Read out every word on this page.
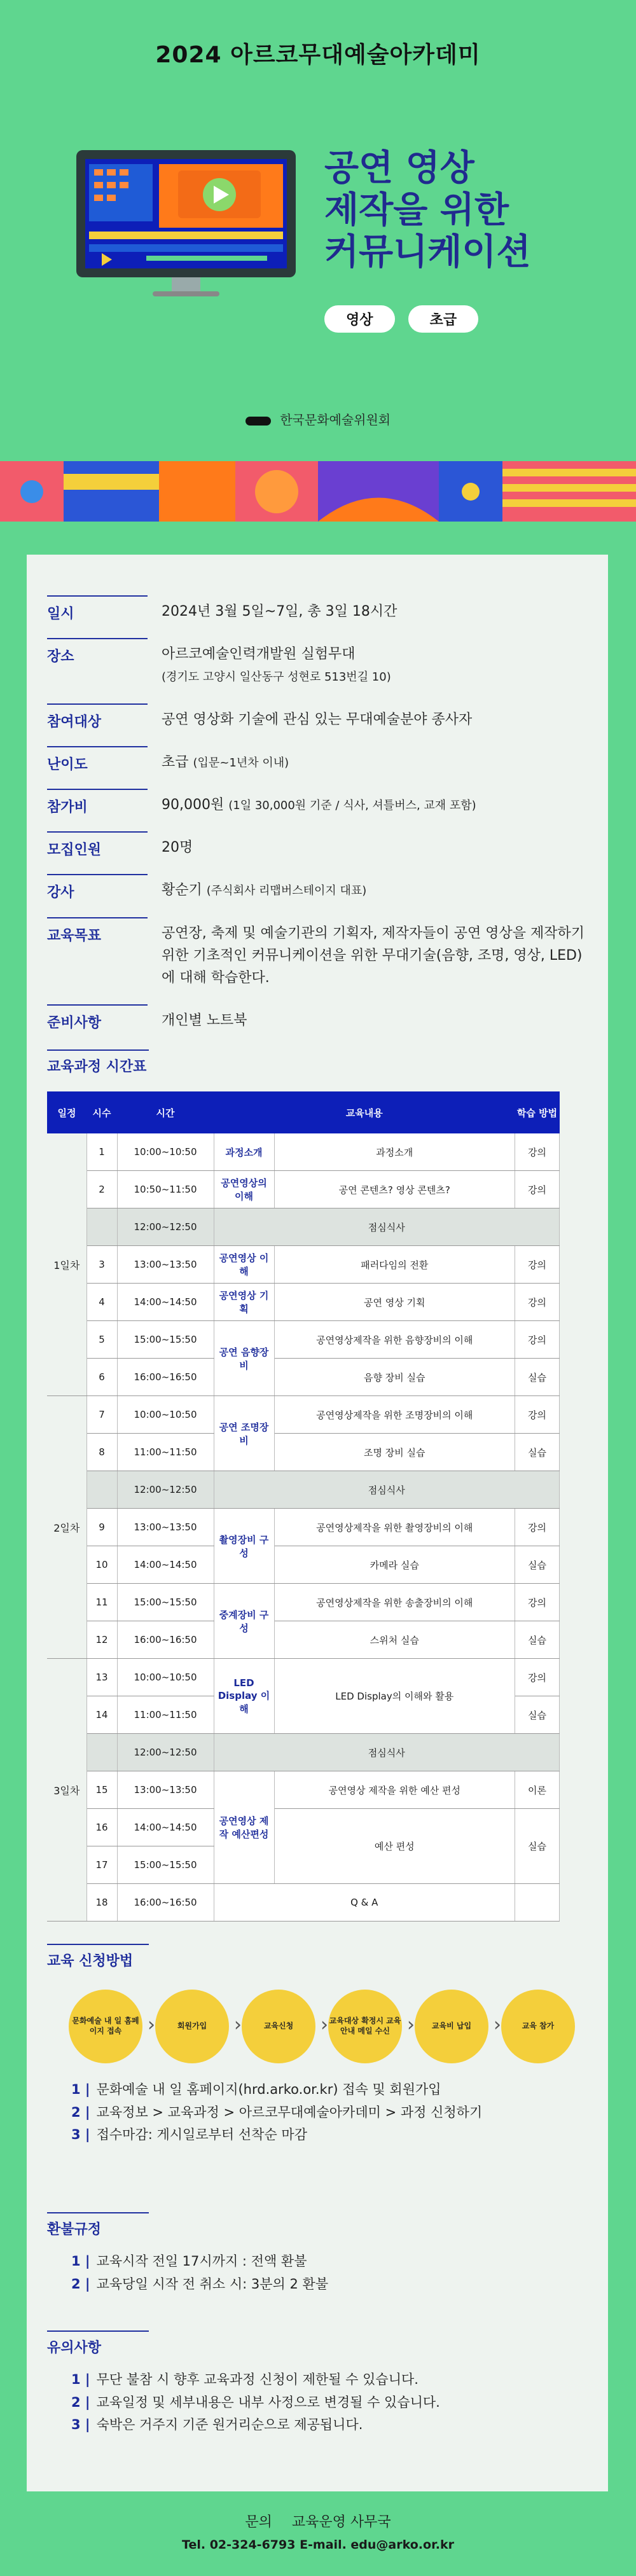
2024 아르코무대예술아카데미
공연 영상
제작을 위한
커뮤니케이션
영상	초급
한국문화예술위원회
일시	2024년 3월 5일~7일, 총 3일 18시간
장소	아르코예술인력개발원 실험무대
(경기도 고양시 일산동구 성현로 513번길 10)
참여대상	공연 영상화 기술에 관심 있는 무대예술분야 종사자
난이도	초급 (입문~1년차 이내)
참가비	90,000원 (1일 30,000원 기준 / 식사, 셔틀버스, 교재 포함)
모집인원	20명
강사	황순기 (주식회사 리맵버스테이지 대표)
교육목표	공연장, 축제 및 예술기관의 기획자, 제작자들이 공연 영상을 제작하기 위한 기초적인 커뮤니케이션을 위한 무대기술(음향, 조명, 영상, LED)에 대해 학습한다.
준비사항	개인별 노트북
교육과정 시간표
일정	시수	시간	교육내용		학습 방법
1일차	1	10:00~10:50	과정소개	과정소개	강의
	2	10:50~11:50	공연영상의 이해	공연 콘텐츠? 영상 콘텐츠?	강의
		12:00~12:50	점심식사		
	3	13:00~13:50	공연영상 이해	패러다임의 전환	강의
	4	14:00~14:50	공연영상 기획	공연 영상 기획	강의
	5	15:00~15:50	공연 음향장비	공연영상제작을 위한 음향장비의 이해	강의
	6	16:00~16:50		음향 장비 실습	실습
2일차	7	10:00~10:50	공연 조명장비	공연영상제작을 위한 조명장비의 이해	강의
	8	11:00~11:50		조명 장비 실습	실습
		12:00~12:50	점심식사		
	9	13:00~13:50	촬영장비 구성	공연영상제작을 위한 촬영장비의 이해	강의
	10	14:00~14:50		카메라 실습	실습
	11	15:00~15:50	중계장비 구성	공연영상제작을 위한 송출장비의 이해	강의
	12	16:00~16:50		스위처 실습	실습
3일차	13	10:00~10:50	LED Display 이해	LED Display의 이해와 활용	강의
	14	11:00~11:50			실습
		12:00~12:50	점심식사		
	15	13:00~13:50	공연영상 제작 예산편성	공연영상 제작을 위한 예산 편성	이론
	16	14:00~14:50		예산 편성	실습
	17	15:00~15:50			
	18	16:00~16:50	Q & A		
교육 신청방법
문화예술 내 일 홈페이지 접속	›	회원가입	›	교육신청	› 교육대상 확정시 교육안내 메일 수신 ›	교육비 납입	›	교육 참가
1 | 문화예술 내 일 홈페이지(hrd.arko.or.kr) 접속 및 회원가입
2 | 교육정보 > 교육과정 > 아르코무대예술아카데미 > 과정 신청하기
3 | 접수마감: 게시일로부터 선착순 마감
환불규정
1 | 교육시작 전일 17시까지 : 전액 환불
2 | 교육당일 시작 전 취소 시: 3분의 2 환불
유의사항
1 | 무단 불참 시 향후 교육과정 신청이 제한될 수 있습니다.
2 | 교육일정 및 세부내용은 내부 사정으로 변경될 수 있습니다.
3 | 숙박은 거주지 기준 원거리순으로 제공됩니다.
문의 교육운영 사무국
Tel. 02-324-6793 E-mail. edu@arko.or.kr
